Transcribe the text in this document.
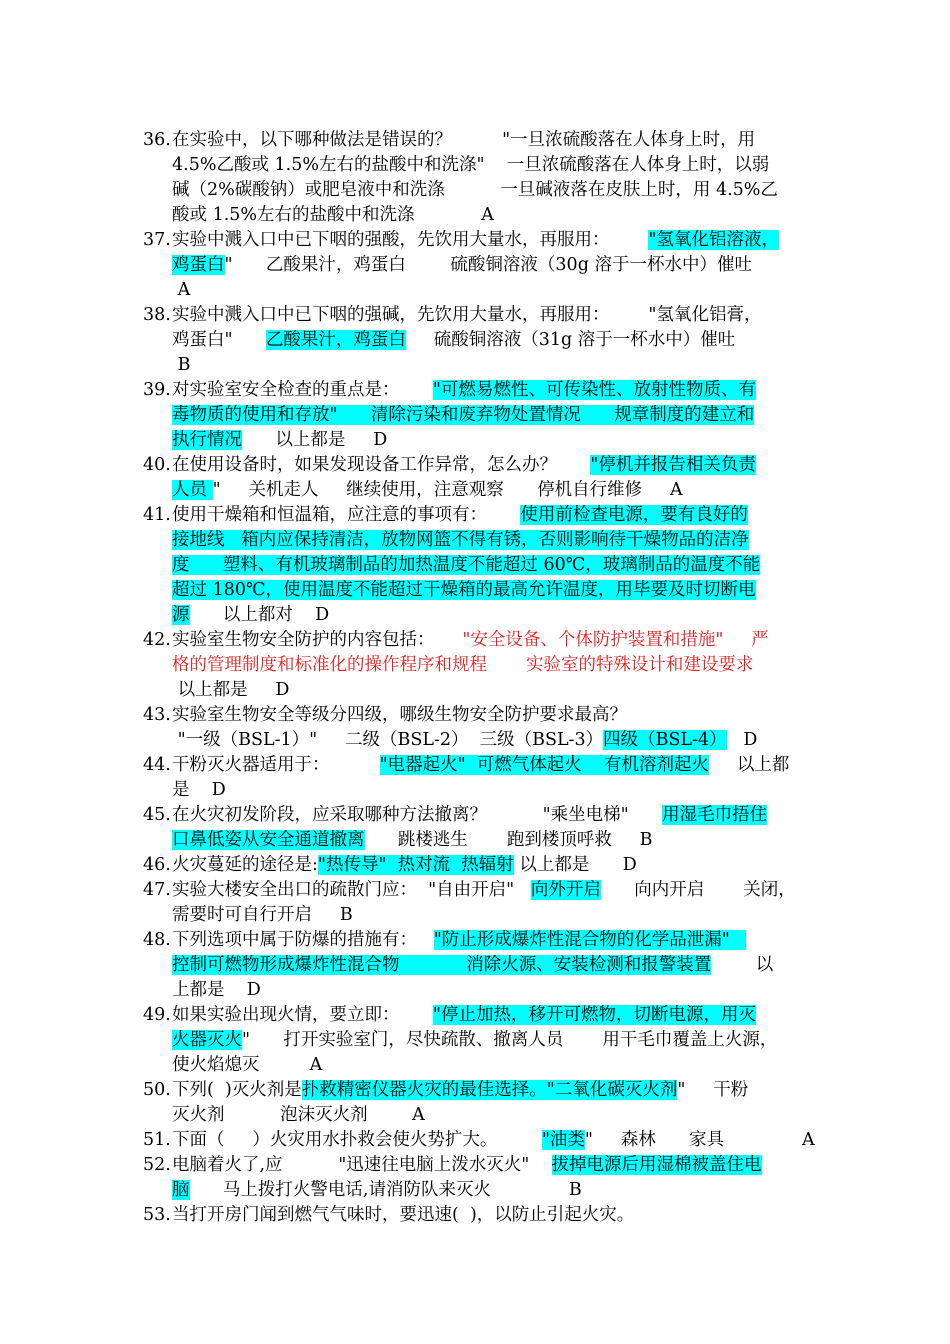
36. 在实验中，以下哪种做法是错误的？         "一旦浓硫酸落在人体身上时，用
4.5%乙酸或 1.5%左右的盐酸中和洗涤"    一旦浓硫酸落在人体身上时，以弱
碱（2%碳酸钠）或肥皂液中和洗涤          一旦碱液落在皮肤上时，用 4.5%乙
酸或 1.5%左右的盐酸中和洗涤            A
37. 实验中溅入口中已下咽的强酸，先饮用大量水，再服用：       "氢氧化铝溶液，
鸡蛋白"      乙酸果汁，鸡蛋白        硫酸铜溶液（30g 溶于一杯水中）催吐
A
38. 实验中溅入口中已下咽的强碱，先饮用大量水，再服用：       "氢氧化铝膏，
鸡蛋白"      乙酸果汁，鸡蛋白     硫酸铜溶液（31g 溶于一杯水中）催吐
B
39. 对实验室安全检查的重点是：      "可燃易燃性、可传染性、放射性物质、有
毒物质的使用和存放"      清除污染和废弃物处置情况      规章制度的建立和
执行情况      以上都是     D
40. 在使用设备时，如果发现设备工作异常，怎么办？      "停机并报告相关负责
人员 "     关机走人     继续使用，注意观察      停机自行维修     A
41. 使用干燥箱和恒温箱，应注意的事项有：      使用前检查电源，要有良好的
接地线   箱内应保持清洁，放物网篮不得有锈，否则影响待干燥物品的洁净
度      塑料、有机玻璃制品的加热温度不能超过 60℃，玻璃制品的温度不能
超过 180℃，使用温度不能超过干燥箱的最高允许温度，用毕要及时切断电
源      以上都对    D
42. 实验室生物安全防护的内容包括：     "安全设备、个体防护装置和措施"     严
格的管理制度和标准化的操作程序和规程       实验室的特殊设计和建设要求
以上都是     D
43. 实验室生物安全等级分四级，哪级生物安全防护要求最高？
"一级（BSL-1）"     二级（BSL-2）  三级（BSL-3）四级（BSL-4）   D
44. 干粉灭火器适用于：         "电器起火"  可燃气体起火    有机溶剂起火     以上都
是    D
45. 在火灾初发阶段，应采取哪种方法撤离？          "乘坐电梯"      用湿毛巾捂住
口鼻低姿从安全通道撤离      跳楼逃生       跑到楼顶呼救     B
46. 火灾蔓延的途径是:"热传导"  热对流  热辐射 以上都是      D
47. 实验大楼安全出口的疏散门应：  "自由开启"   向外开启      向内开启       关闭，
需要时可自行开启     B
48. 下列选项中属于防爆的措施有：   "防止形成爆炸性混合物的化学品泄漏"
控制可燃物形成爆炸性混合物            消除火源、安装检测和报警装置        以
上都是    D
49. 如果实验出现火情，要立即：      "停止加热，移开可燃物，切断电源，用灭
火器灭火"      打开实验室门，尽快疏散、撤离人员       用干毛巾覆盖上火源，
使火焰熄灭         A
50. 下列(  )灭火剂是扑救精密仪器火灾的最佳选择。"二氧化碳灭火剂"     干粉
灭火剂          泡沫灭火剂        A
51. 下面（     ）火灾用水扑救会使火势扩大。        "油类"     森林      家具              A
52. 电脑着火了,应          "迅速往电脑上泼水灭火"    拔掉电源后用湿棉被盖住电
脑      马上拨打火警电话,请消防队来灭火              B
53. 当打开房门闻到燃气气味时，要迅速(  )，以防止引起火灾。
